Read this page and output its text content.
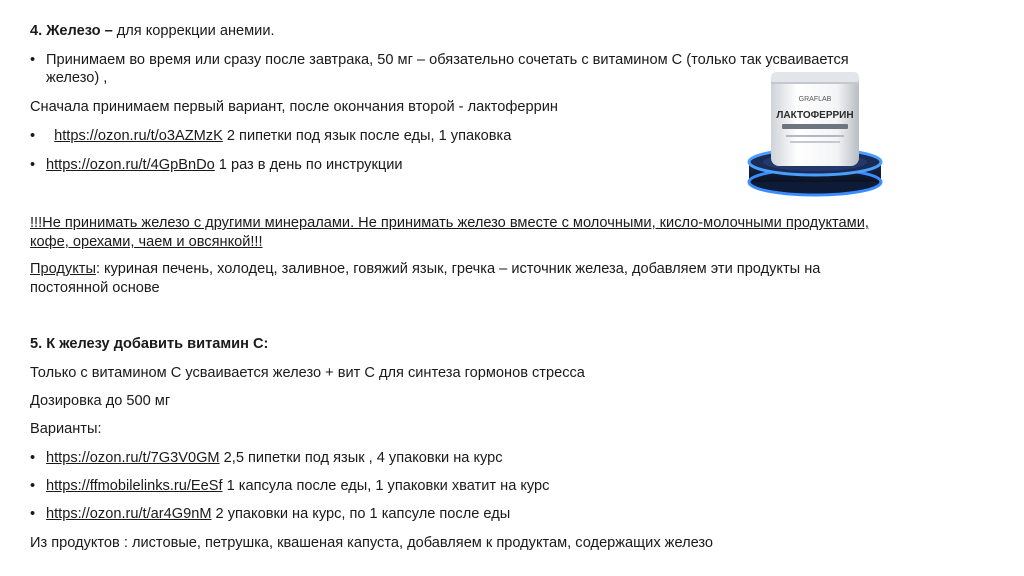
4. Железо – для коррекции анемии.
• Принимаем во время или сразу после завтрака, 50 мг – обязательно сочетать с витамином С (только так усваивается
железо) ,
Сначала принимаем первый вариант, после окончания второй - лактоферрин
• https://ozon.ru/t/o3AZMzK 2 пипетки под язык после еды, 1 упаковка
• https://ozon.ru/t/4GpBnDo 1 раз в день по инструкции
!!!Не принимать железо с другими минералами. Не принимать железо вместе с молочными, кисло-молочными продуктами,
кофе, орехами, чаем и овсянкой!!!
Продукты: куриная печень, холодец, заливное, говяжий язык, гречка – источник железа, добавляем эти продукты на
постоянной основе
5. К железу добавить витамин С:
Только с витамином С усваивается железо + вит С для синтеза гормонов стресса
Дозировка до 500 мг
Варианты:
• https://ozon.ru/t/7G3V0GM 2,5 пипетки под язык , 4 упаковки на курс
• https://ffmobilelinks.ru/EeSf 1 капсула после еды, 1 упаковки хватит на курс
• https://ozon.ru/t/ar4G9nM 2 упаковки на курс, по 1 капсуле после еды
Из продуктов : листовые, петрушка, квашеная капуста, добавляем к продуктам, содержащих железо
GRAFLAB
ЛАКТОФЕРРИН
